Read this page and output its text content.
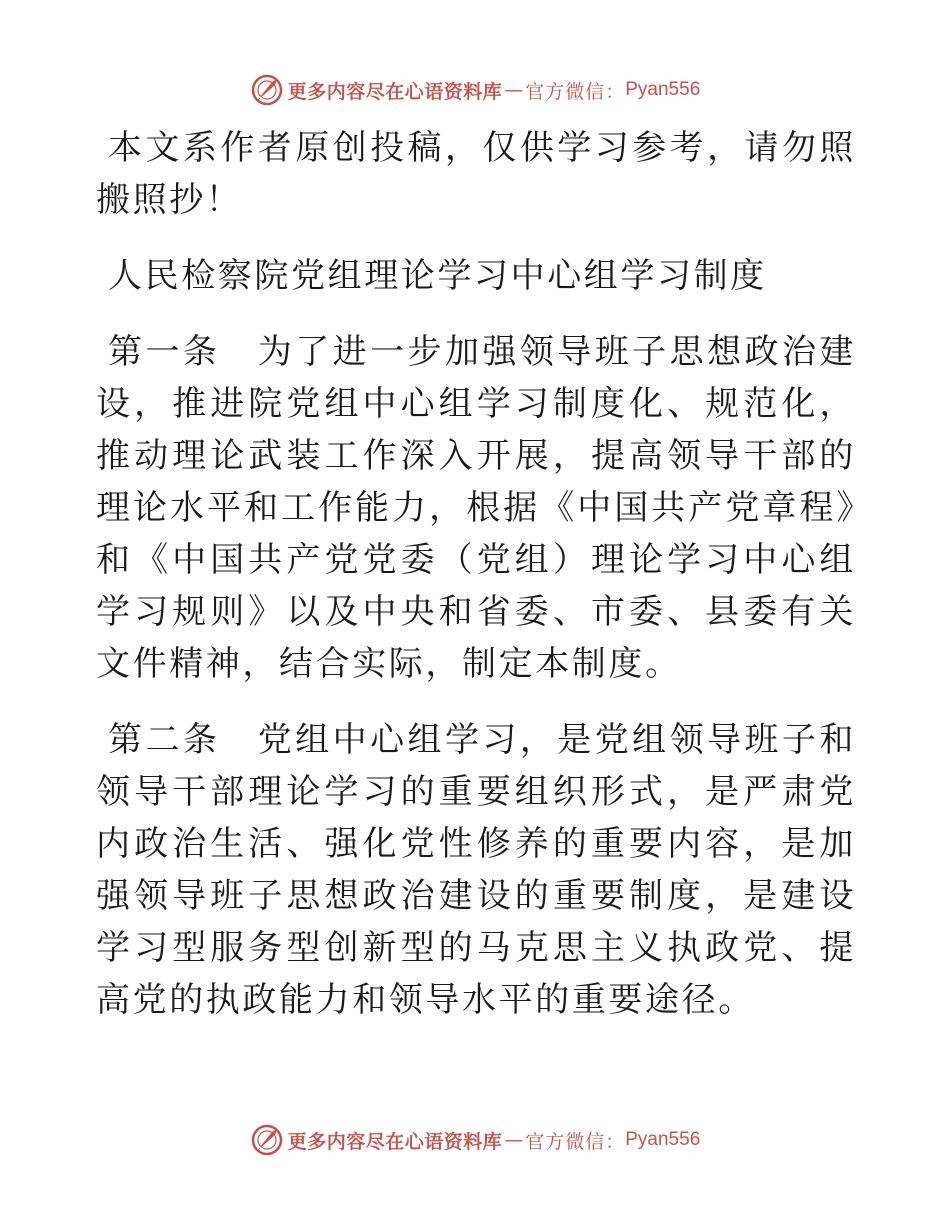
更多内容尽在心语资料库 — 官方微信： Pyan556

本文系作者原创投稿，仅供学习参考，请勿照搬照抄！

人民检察院党组理论学习中心组学习制度

第一条　 为了进一步加强领导班子思想政治建设，推进院党组中心组学习制度化、规范化，推动理论武装工作深入开展，提高领导干部的理论水平和工作能力，根据《中国共产党章程》和《中国共产党党委（党组）理论学习中心组学习规则》以及中央和省委、市委、县委有关文件精神，结合实际，制定本制度。

第二条　 党组中心组学习，是党组领导班子和领导干部理论学习的重要组织形式，是严肃党内政治生活、强化党性修养的重要内容，是加强领导班子思想政治建设的重要制度，是建设学习型服务型创新型的马克思主义执政党、提高党的执政能力和领导水平的重要途径。

更多内容尽在心语资料库 — 官方微信： Pyan556
